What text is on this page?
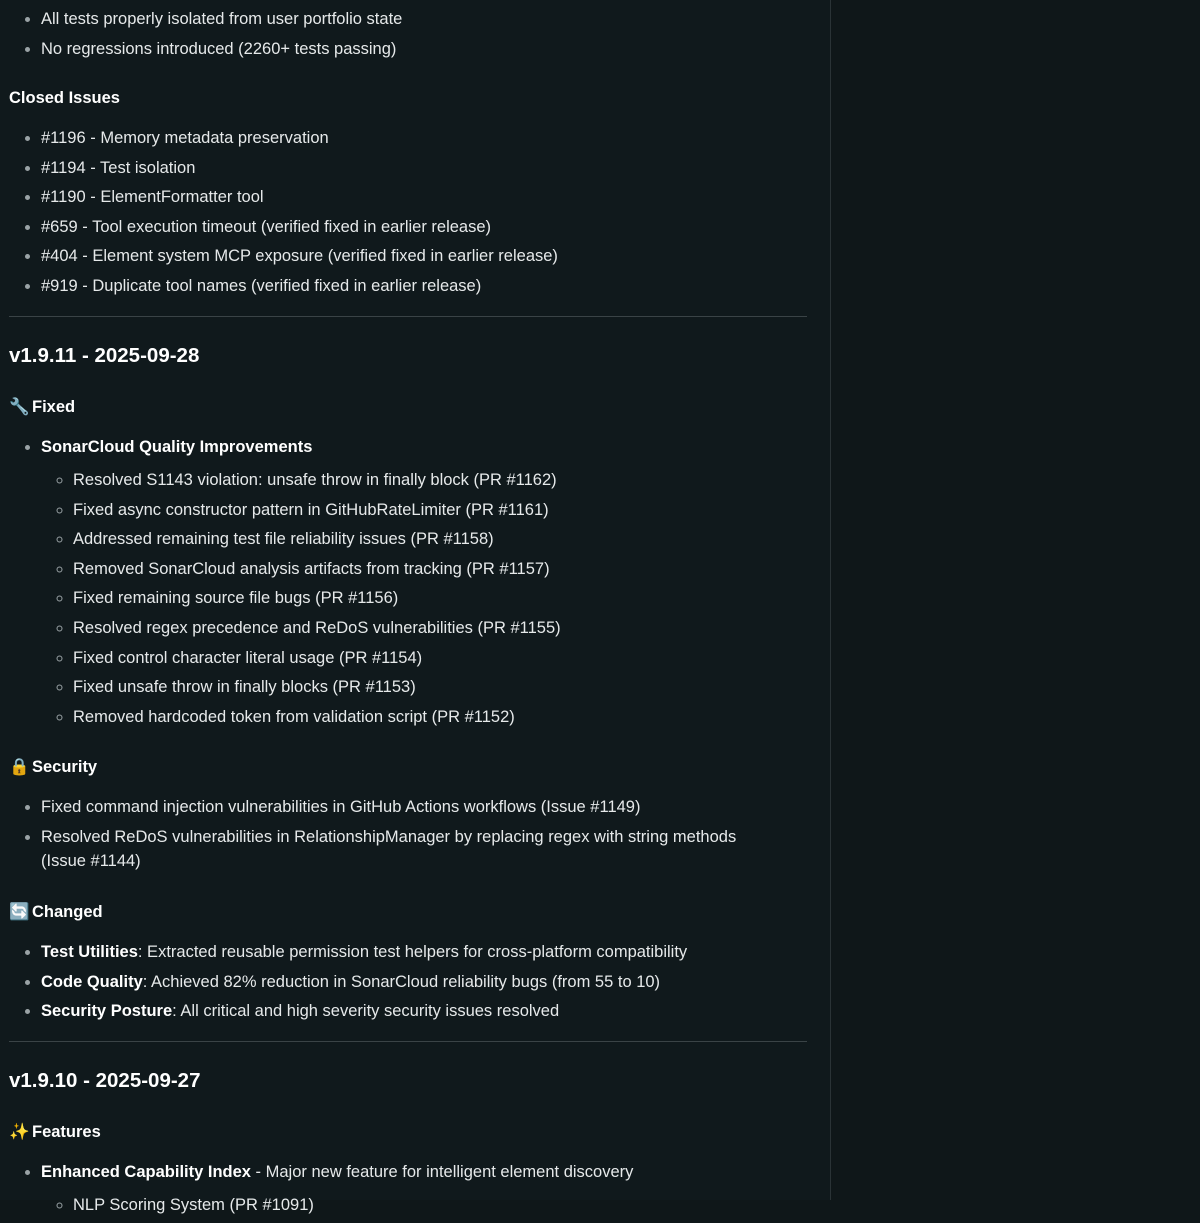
• All tests properly isolated from user portfolio state
• No regressions introduced (2260+ tests passing)
Closed Issues
• #1196 - Memory metadata preservation
• #1194 - Test isolation
• #1190 - ElementFormatter tool
• #659 - Tool execution timeout (verified fixed in earlier release)
• #404 - Element system MCP exposure (verified fixed in earlier release)
• #919 - Duplicate tool names (verified fixed in earlier release)
v1.9.11 - 2025-09-28
🔧 Fixed
• SonarCloud Quality Improvements
◦ Resolved S1143 violation: unsafe throw in finally block (PR #1162)
◦ Fixed async constructor pattern in GitHubRateLimiter (PR #1161)
◦ Addressed remaining test file reliability issues (PR #1158)
◦ Removed SonarCloud analysis artifacts from tracking (PR #1157)
◦ Fixed remaining source file bugs (PR #1156)
◦ Resolved regex precedence and ReDoS vulnerabilities (PR #1155)
◦ Fixed control character literal usage (PR #1154)
◦ Fixed unsafe throw in finally blocks (PR #1153)
◦ Removed hardcoded token from validation script (PR #1152)
🔒 Security
• Fixed command injection vulnerabilities in GitHub Actions workflows (Issue #1149)
• Resolved ReDoS vulnerabilities in RelationshipManager by replacing regex with string methods (Issue #1144)
🔄 Changed
• Test Utilities: Extracted reusable permission test helpers for cross-platform compatibility
• Code Quality: Achieved 82% reduction in SonarCloud reliability bugs (from 55 to 10)
• Security Posture: All critical and high severity security issues resolved
v1.9.10 - 2025-09-27
✨ Features
• Enhanced Capability Index - Major new feature for intelligent element discovery
◦ NLP Scoring System (PR #1091)
